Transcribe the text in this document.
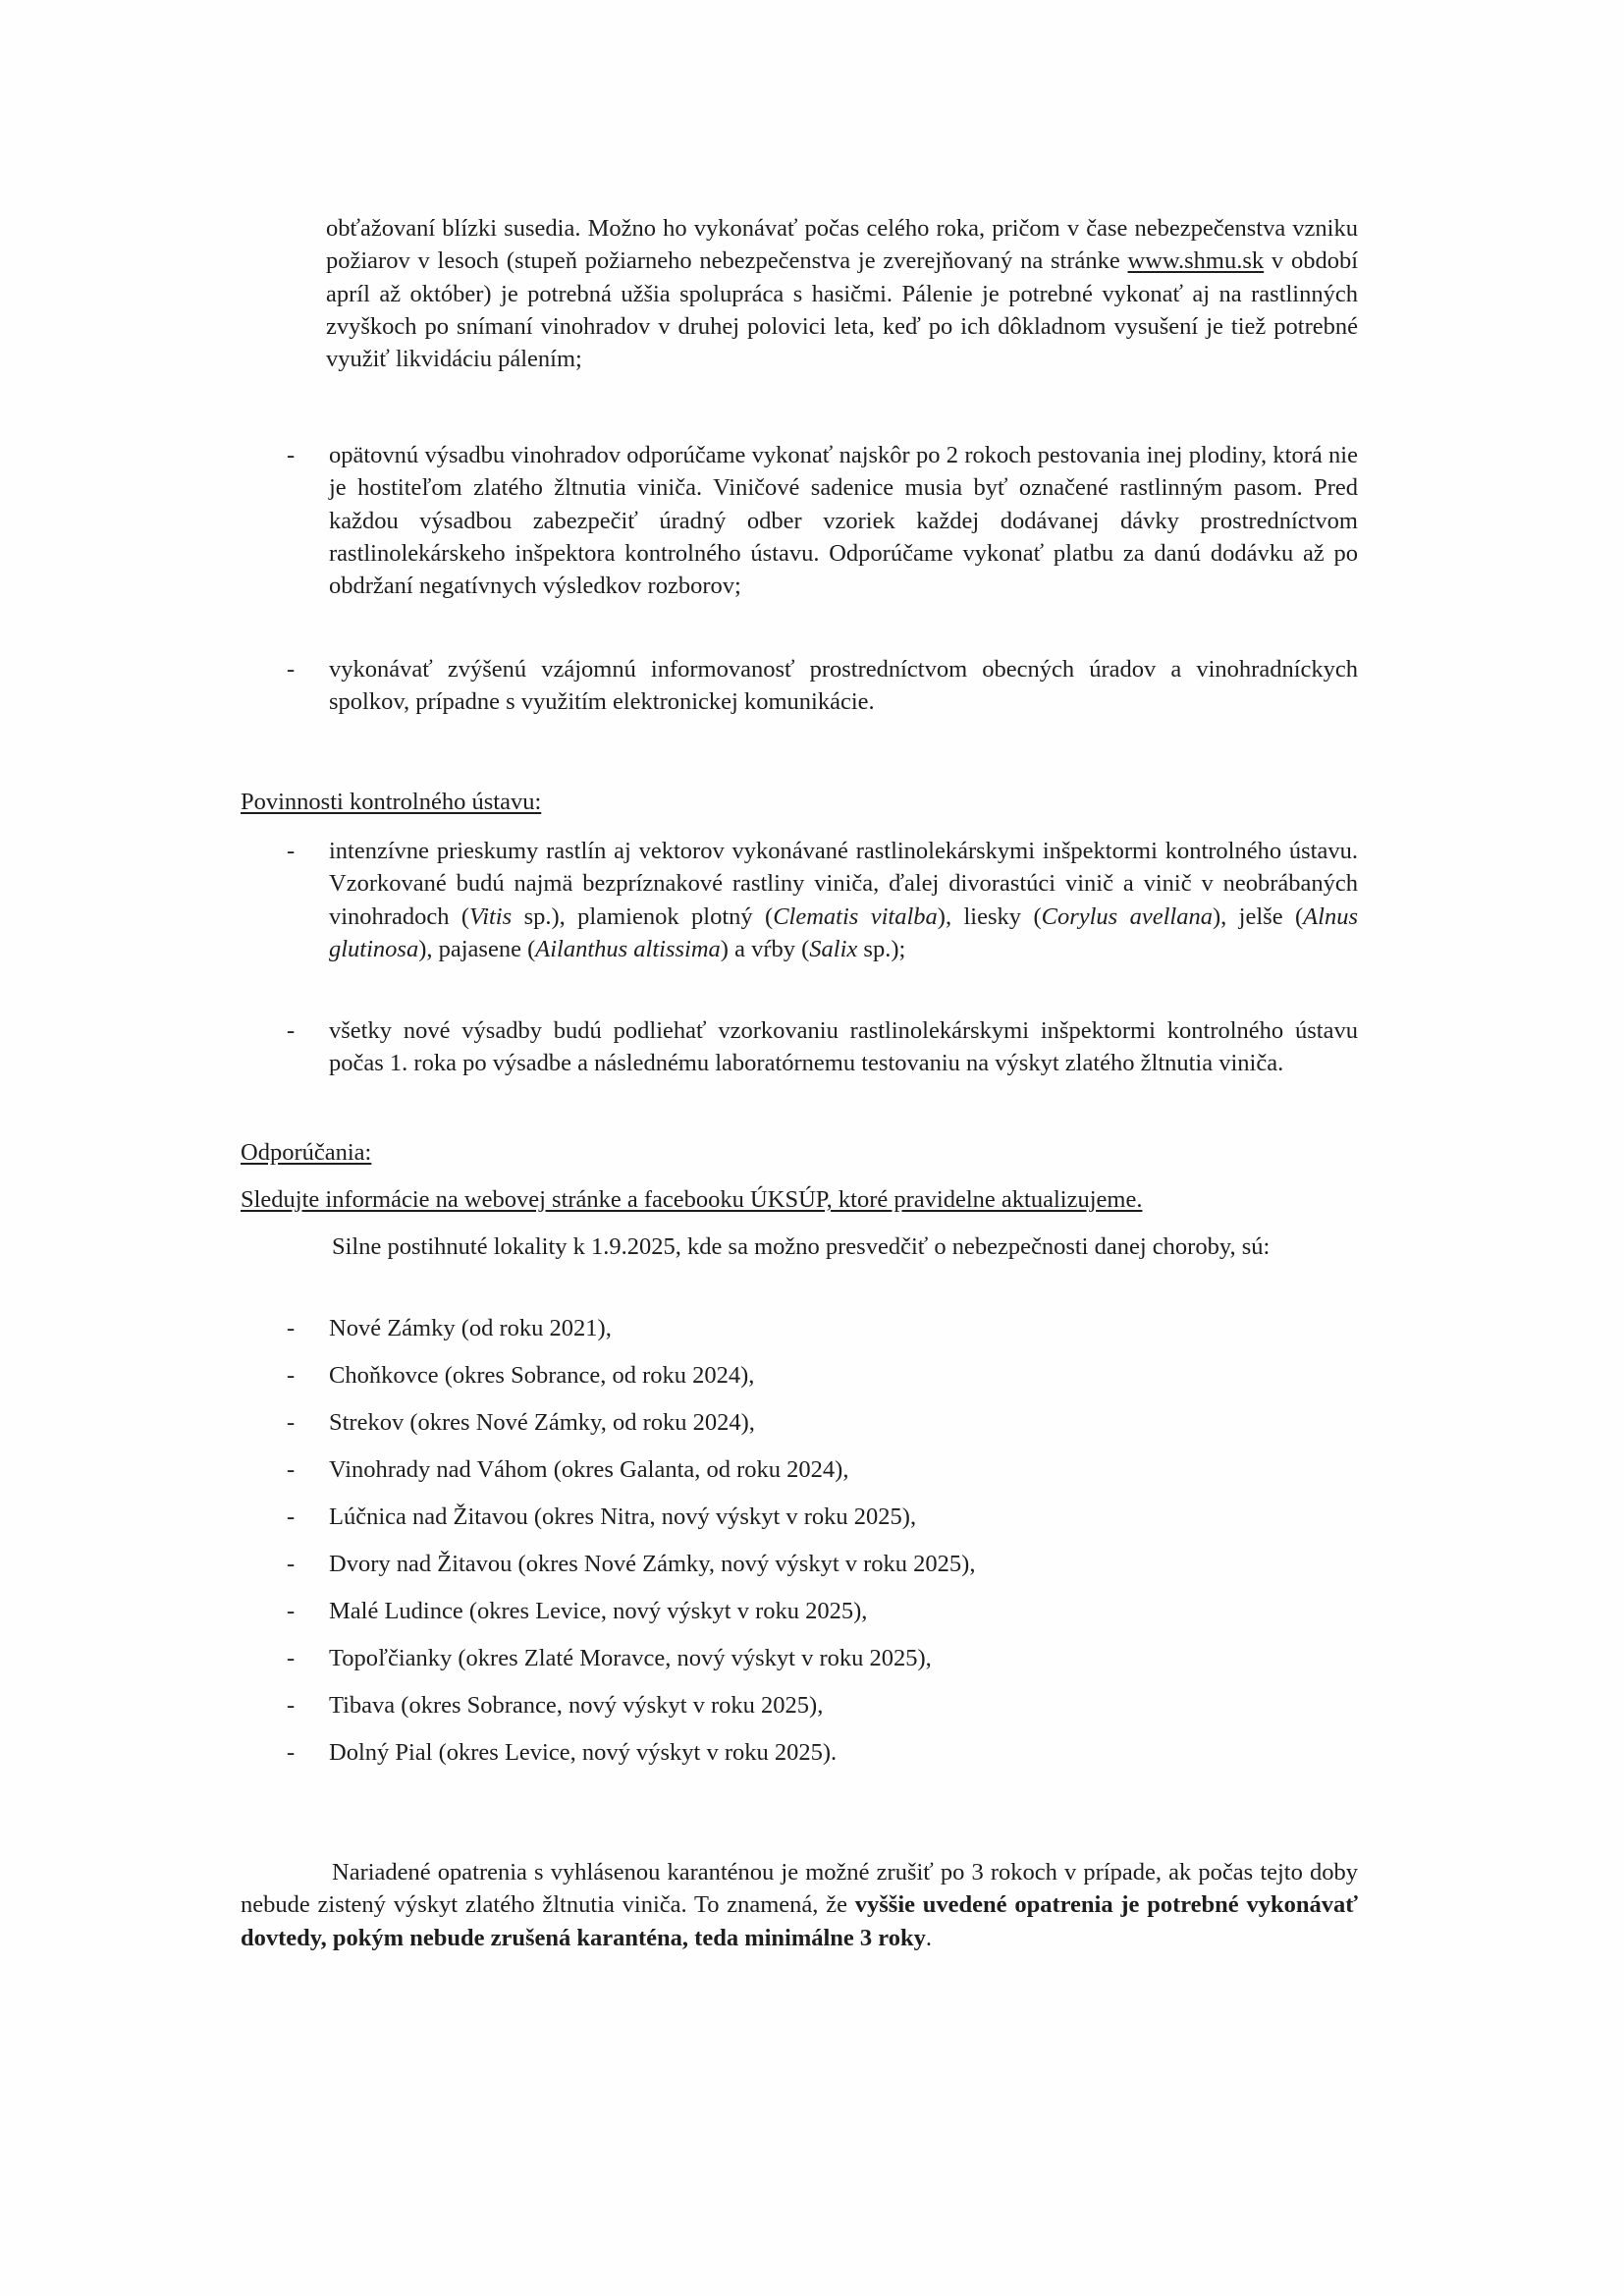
obťažovaní blízki susedia. Možno ho vykonávať počas celého roka, pričom v čase nebezpečenstva vzniku požiarov v lesoch (stupeň požiarneho nebezpečenstva je zverejňovaný na stránke www.shmu.sk v období apríl až október) je potrebná užšia spolupráca s hasičmi. Pálenie je potrebné vykonať aj na rastlinných zvyškoch po snímaní vinohradov v druhej polovici leta, keď po ich dôkladnom vysušení je tiež potrebné využiť likvidáciu pálením;
- opätovnú výsadbu vinohradov odporúčame vykonať najskôr po 2 rokoch pestovania inej plodiny, ktorá nie je hostiteľom zlatého žltnutia viniča. Viničové sadenice musia byť označené rastlinným pasom. Pred každou výsadbou zabezpečiť úradný odber vzoriek každej dodávanej dávky prostredníctvom rastlinolekárskeho inšpektora kontrolného ústavu. Odporúčame vykonať platbu za danú dodávku až po obdržaní negatívnych výsledkov rozborov;
- vykonávať zvýšenú vzájomnú informovanosť prostredníctvom obecných úradov a vinohradníckych spolkov, prípadne s využitím elektronickej komunikácie.
Povinnosti kontrolného ústavu:
- intenzívne prieskumy rastlín aj vektorov vykonávané rastlinolekárskymi inšpektormi kontrolného ústavu. Vzorkované budú najmä bezpríznakové rastliny viniča, ďalej divorastúci vinič a vinič v neobrábaných vinohradoch (Vitis sp.), plamienok plotný (Clematis vitalba), liesky (Corylus avellana), jelše (Alnus glutinosa), pajasene (Ailanthus altissima) a vŕby (Salix sp.);
- všetky nové výsadby budú podliehať vzorkovaniu rastlinolekárskymi inšpektormi kontrolného ústavu počas 1. roka po výsadbe a následnému laboratórnemu testovaniu na výskyt zlatého žltnutia viniča.
Odporúčania:
Sledujte informácie na webovej stránke a facebooku ÚKSÚP, ktoré pravidelne aktualizujeme.
Silne postihnuté lokality k 1.9.2025, kde sa možno presvedčiť o nebezpečnosti danej choroby, sú:
- Nové Zámky (od roku 2021),
- Choňkovce (okres Sobrance, od roku 2024),
- Strekov (okres Nové Zámky, od roku 2024),
- Vinohrady nad Váhom (okres Galanta, od roku 2024),
- Lúčnica nad Žitavou (okres Nitra, nový výskyt v roku 2025),
- Dvory nad Žitavou (okres Nové Zámky, nový výskyt v roku 2025),
- Malé Ludince (okres Levice, nový výskyt v roku 2025),
- Topoľčianky (okres Zlaté Moravce, nový výskyt v roku 2025),
- Tibava (okres Sobrance, nový výskyt v roku 2025),
- Dolný Pial (okres Levice, nový výskyt v roku 2025).
Nariadené opatrenia s vyhlásenou karanténou je možné zrušiť po 3 rokoch v prípade, ak počas tejto doby nebude zistený výskyt zlatého žltnutia viniča. To znamená, že vyššie uvedené opatrenia je potrebné vykonávať dovtedy, pokým nebude zrušená karanténa, teda minimálne 3 roky.
